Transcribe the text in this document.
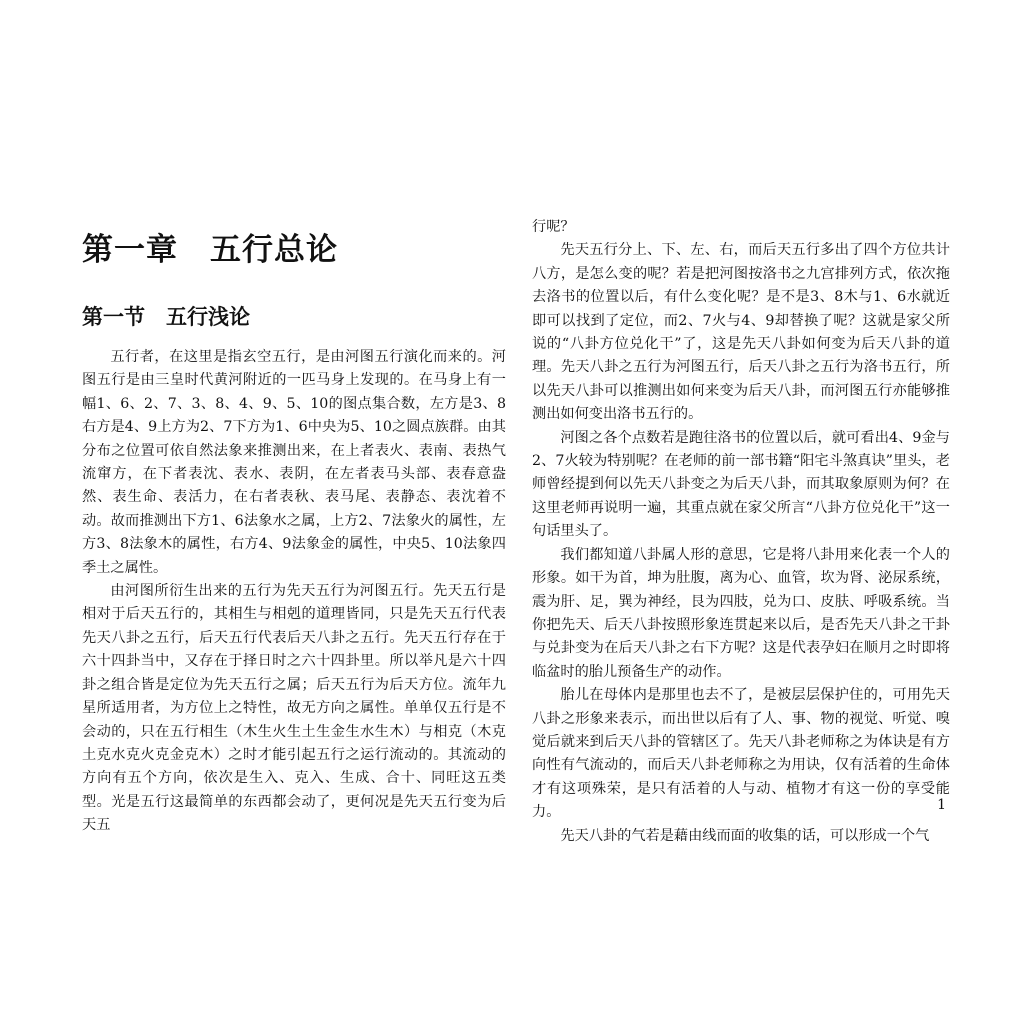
第一章　五行总论
第一节　五行浅论

五行者，在这里是指玄空五行，是由河图五行演化而来的。河图五行是由三皇时代黄河附近的一匹马身上发现的。在马身上有一幅1、6、2、7、3、8、4、9、5、10的图点集合数，左方是3、8右方是4、9上方为2、7下方为1、6中央为5、10之圆点族群。由其分布之位置可依自然法象来推测出来，在上者表火、表南、表热气流窜方，在下者表沈、表水、表阴，在左者表马头部、表春意盎然、表生命、表活力，在右者表秋、表马尾、表静态、表沈着不动。故而推测出下方1、6法象水之属，上方2、7法象火的属性，左方3、8法象木的属性，右方4、9法象金的属性，中央5、10法象四季土之属性。

由河图所衍生出来的五行为先天五行为河图五行。先天五行是相对于后天五行的，其相生与相剋的道理皆同，只是先天五行代表先天八卦之五行，后天五行代表后天八卦之五行。先天五行存在于六十四卦当中，又存在于择日时之六十四卦里。所以举凡是六十四卦之组合皆是定位为先天五行之属；后天五行为后天方位。流年九星所适用者，为方位上之特性，故无方向之属性。单单仅五行是不会动的，只在五行相生（木生火生土生金生水生木）与相克（木克土克水克火克金克木）之时才能引起五行之运行流动的。其流动的方向有五个方向，依次是生入、克入、生成、合十、同旺这五类型。光是五行这最简单的东西都会动了，更何况是先天五行变为后天五

行呢？

先天五行分上、下、左、右，而后天五行多出了四个方位共计八方，是怎么变的呢？若是把河图按洛书之九宫排列方式，依次拖去洛书的位置以后，有什么变化呢？是不是3、8木与1、6水就近即可以找到了定位，而2、7火与4、9却替换了呢？这就是家父所说的“八卦方位兑化干”了，这是先天八卦如何变为后天八卦的道理。先天八卦之五行为河图五行，后天八卦之五行为洛书五行，所以先天八卦可以推测出如何来变为后天八卦，而河图五行亦能够推测出如何变出洛书五行的。

河图之各个点数若是跑往洛书的位置以后，就可看出4、9金与2、7火较为特别呢？在老师的前一部书籍“阳宅斗煞真诀”里头，老师曾经提到何以先天八卦变之为后天八卦，而其取象原则为何？在这里老师再说明一遍，其重点就在家父所言“八卦方位兑化干”这一句话里头了。

我们都知道八卦属人形的意思，它是将八卦用来化表一个人的形象。如干为首，坤为肚腹，离为心、血管，坎为肾、泌尿系统，震为肝、足，巽为神经，艮为四肢，兑为口、皮肤、呼吸系统。当你把先天、后天八卦按照形象连贯起来以后，是否先天八卦之干卦与兑卦变为在后天八卦之右下方呢？这是代表孕妇在顺月之时即将临盆时的胎儿预备生产的动作。

胎儿在母体内是那里也去不了，是被层层保护住的，可用先天八卦之形象来表示，而出世以后有了人、事、物的视觉、听觉、嗅觉后就来到后天八卦的管辖区了。先天八卦老师称之为体诀是有方向性有气流动的，而后天八卦老师称之为用诀，仅有活着的生命体才有这项殊荣，是只有活着的人与动、植物才有这一份的享受能力。

先天八卦的气若是藉由线而面的收集的话，可以形成一个气

1
